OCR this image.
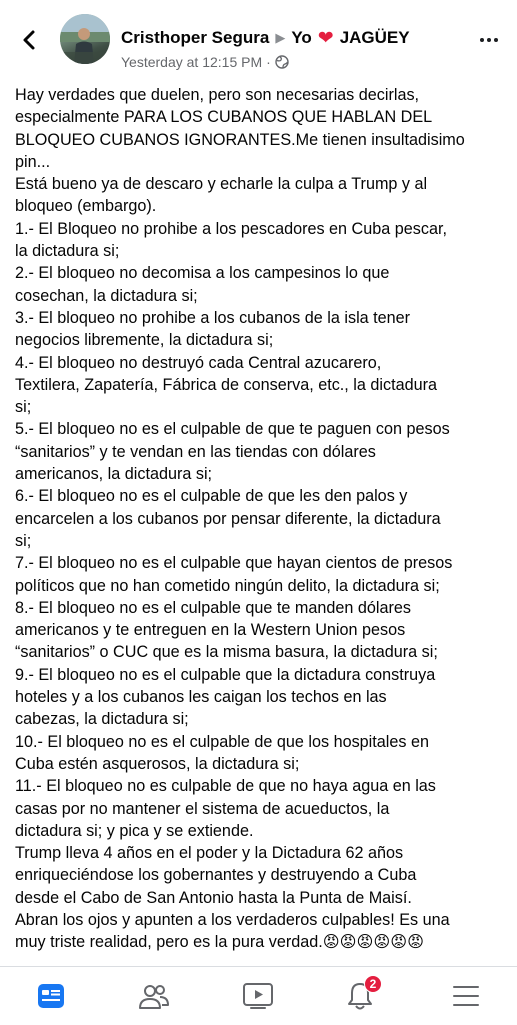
Cristhoper Segura ▶ Yo ❤ JAGÜEY
Yesterday at 12:15 PM ·

Hay verdades que duelen, pero son necesarias decirlas,

especialmente PARA LOS CUBANOS QUE HABLAN DEL

BLOQUEO CUBANOS IGNORANTES.Me tienen insultadisimo

pin...

Está bueno ya de descaro y echarle la culpa a Trump y al

bloqueo (embargo).

1.- El Bloqueo no prohibe a los pescadores en Cuba pescar,

la dictadura si;

2.- El bloqueo no decomisa a los campesinos lo que

cosechan, la dictadura si;

3.- El bloqueo no prohibe a los cubanos de la isla tener

negocios libremente, la dictadura si;

4.- El bloqueo no destruyó cada Central azucarero,

Textilera, Zapatería, Fábrica de conserva, etc., la dictadura

si;

5.- El bloqueo no es el culpable de que te paguen con pesos

“sanitarios” y te vendan en las tiendas con dólares

americanos, la dictadura si;

6.- El bloqueo no es el culpable de que les den palos y

encarcelen a los cubanos por pensar diferente, la dictadura

si;

7.- El bloqueo no es el culpable que hayan cientos de presos

políticos que no han cometido ningún delito, la dictadura si;

8.- El bloqueo no es el culpable que te manden dólares

americanos y te entreguen en la Western Union pesos

“sanitarios” o CUC que es la misma basura, la dictadura si;

9.- El bloqueo no es el culpable que la dictadura construya

hoteles y a los cubanos les caigan los techos en las

cabezas, la dictadura si;

10.- El bloqueo no es el culpable de que los hospitales en

Cuba estén asquerosos, la dictadura si;

11.- El bloqueo no es culpable de que no haya agua en las

casas por no mantener el sistema de acueductos, la

dictadura si; y pica y se extiende.

Trump lleva 4 años en el poder y la Dictadura 62 años

enriqueciéndose los gobernantes y destruyendo a Cuba

desde el Cabo de San Antonio hasta la Punta de Maisí.

Abran los ojos y apunten a los verdaderos culpables! Es una

muy triste realidad, pero es la pura verdad.😡😡😡😡😡😡

2
